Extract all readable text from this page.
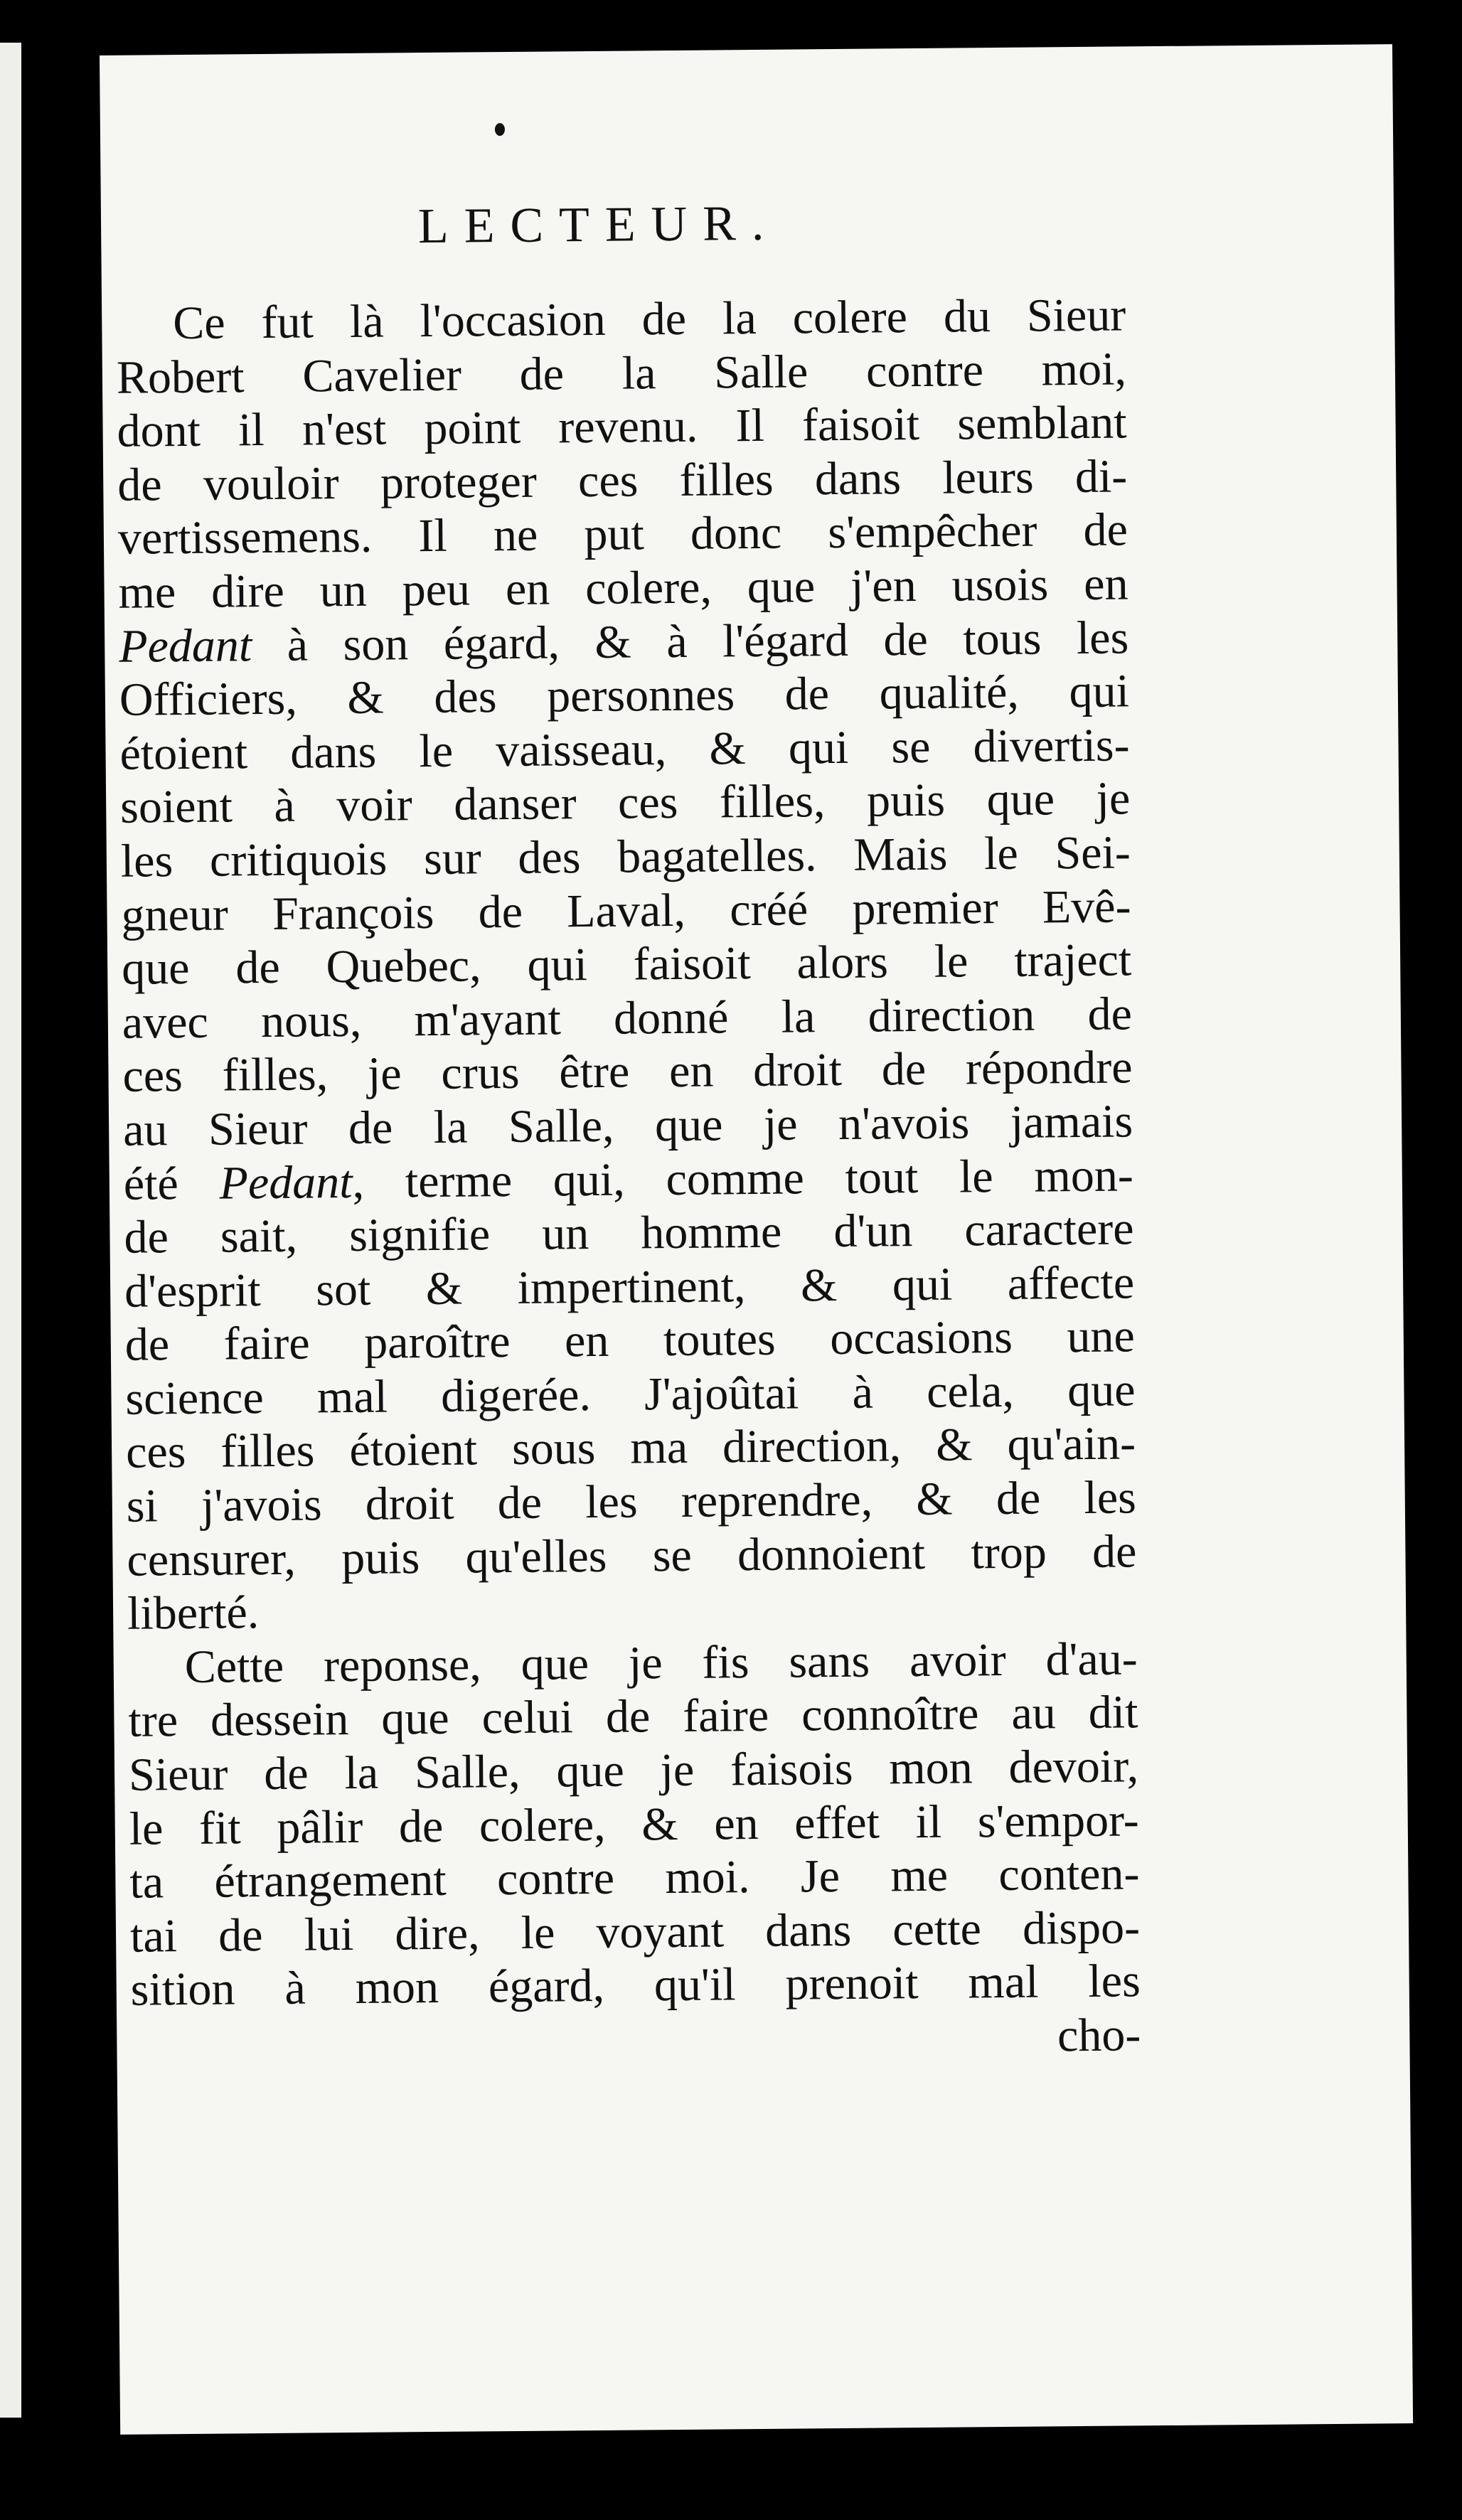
LECTEUR.
Ce fut là l'occasion de la colere du Sieur
Robert Cavelier de la Salle contre moi,
dont il n'est point revenu. Il faisoit semblant
de vouloir proteger ces filles dans leurs di-
vertissemens. Il ne put donc s'empêcher de
me dire un peu en colere, que j'en usois en
Pedant à son égard, & à l'égard de tous les
Officiers, & des personnes de qualité, qui
étoient dans le vaisseau, & qui se divertis-
soient à voir danser ces filles, puis que je
les critiquois sur des bagatelles. Mais le Sei-
gneur François de Laval, créé premier Evê-
que de Quebec, qui faisoit alors le traject
avec nous, m'ayant donné la direction de
ces filles, je crus être en droit de répondre
au Sieur de la Salle, que je n'avois jamais
été Pedant, terme qui, comme tout le mon-
de sait, signifie un homme d'un caractere
d'esprit sot & impertinent, & qui affecte
de faire paroître en toutes occasions une
science mal digerée. J'ajoûtai à cela, que
ces filles étoient sous ma direction, & qu'ain-
si j'avois droit de les reprendre, & de les
censurer, puis qu'elles se donnoient trop de
liberté.
Cette reponse, que je fis sans avoir d'au-
tre dessein que celui de faire connoître au dit
Sieur de la Salle, que je faisois mon devoir,
le fit pâlir de colere, & en effet il s'empor-
ta étrangement contre moi. Je me conten-
tai de lui dire, le voyant dans cette dispo-
sition à mon égard, qu'il prenoit mal les
cho-
